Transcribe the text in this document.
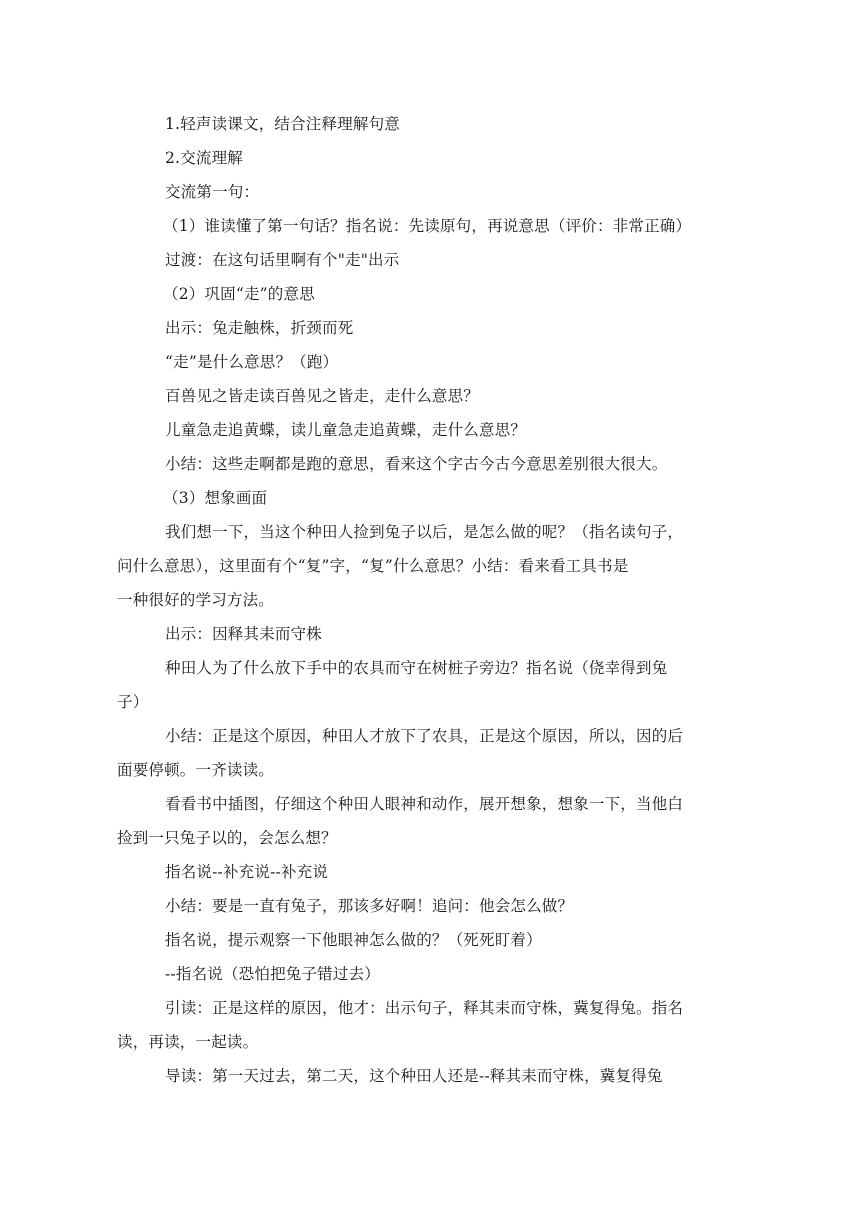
1.轻声读课文，结合注释理解句意
2.交流理解
交流第一句：
（1）谁读懂了第一句话？指名说：先读原句，再说意思（评价：非常正确）
过渡：在这句话里啊有个"走"出示
（2）巩固“走”的意思
出示：兔走触株，折颈而死
“走”是什么意思？（跑）
百兽见之皆走读百兽见之皆走，走什么意思？
儿童急走追黄蝶，读儿童急走追黄蝶，走什么意思？
小结：这些走啊都是跑的意思，看来这个字古今古今意思差别很大很大。
（3）想象画面
我们想一下，当这个种田人捡到兔子以后，是怎么做的呢？（指名读句子，
问什么意思），这里面有个“复”字，“复”什么意思？小结：看来看工具书是
一种很好的学习方法。
出示：因释其耒而守株
种田人为了什么放下手中的农具而守在树桩子旁边？指名说（侥幸得到兔
子）
小结：正是这个原因，种田人才放下了农具，正是这个原因，所以，因的后
面要停顿。一齐读读。
看看书中插图，仔细这个种田人眼神和动作，展开想象，想象一下，当他白
捡到一只兔子以的，会怎么想？
指名说--补充说--补充说
小结：要是一直有兔子，那该多好啊！追问：他会怎么做？
指名说，提示观察一下他眼神怎么做的？（死死盯着）
--指名说（恐怕把兔子错过去）
引读：正是这样的原因，他才：出示句子，释其耒而守株，冀复得兔。指名
读，再读，一起读。
导读：第一天过去，第二天，这个种田人还是--释其耒而守株，冀复得兔
